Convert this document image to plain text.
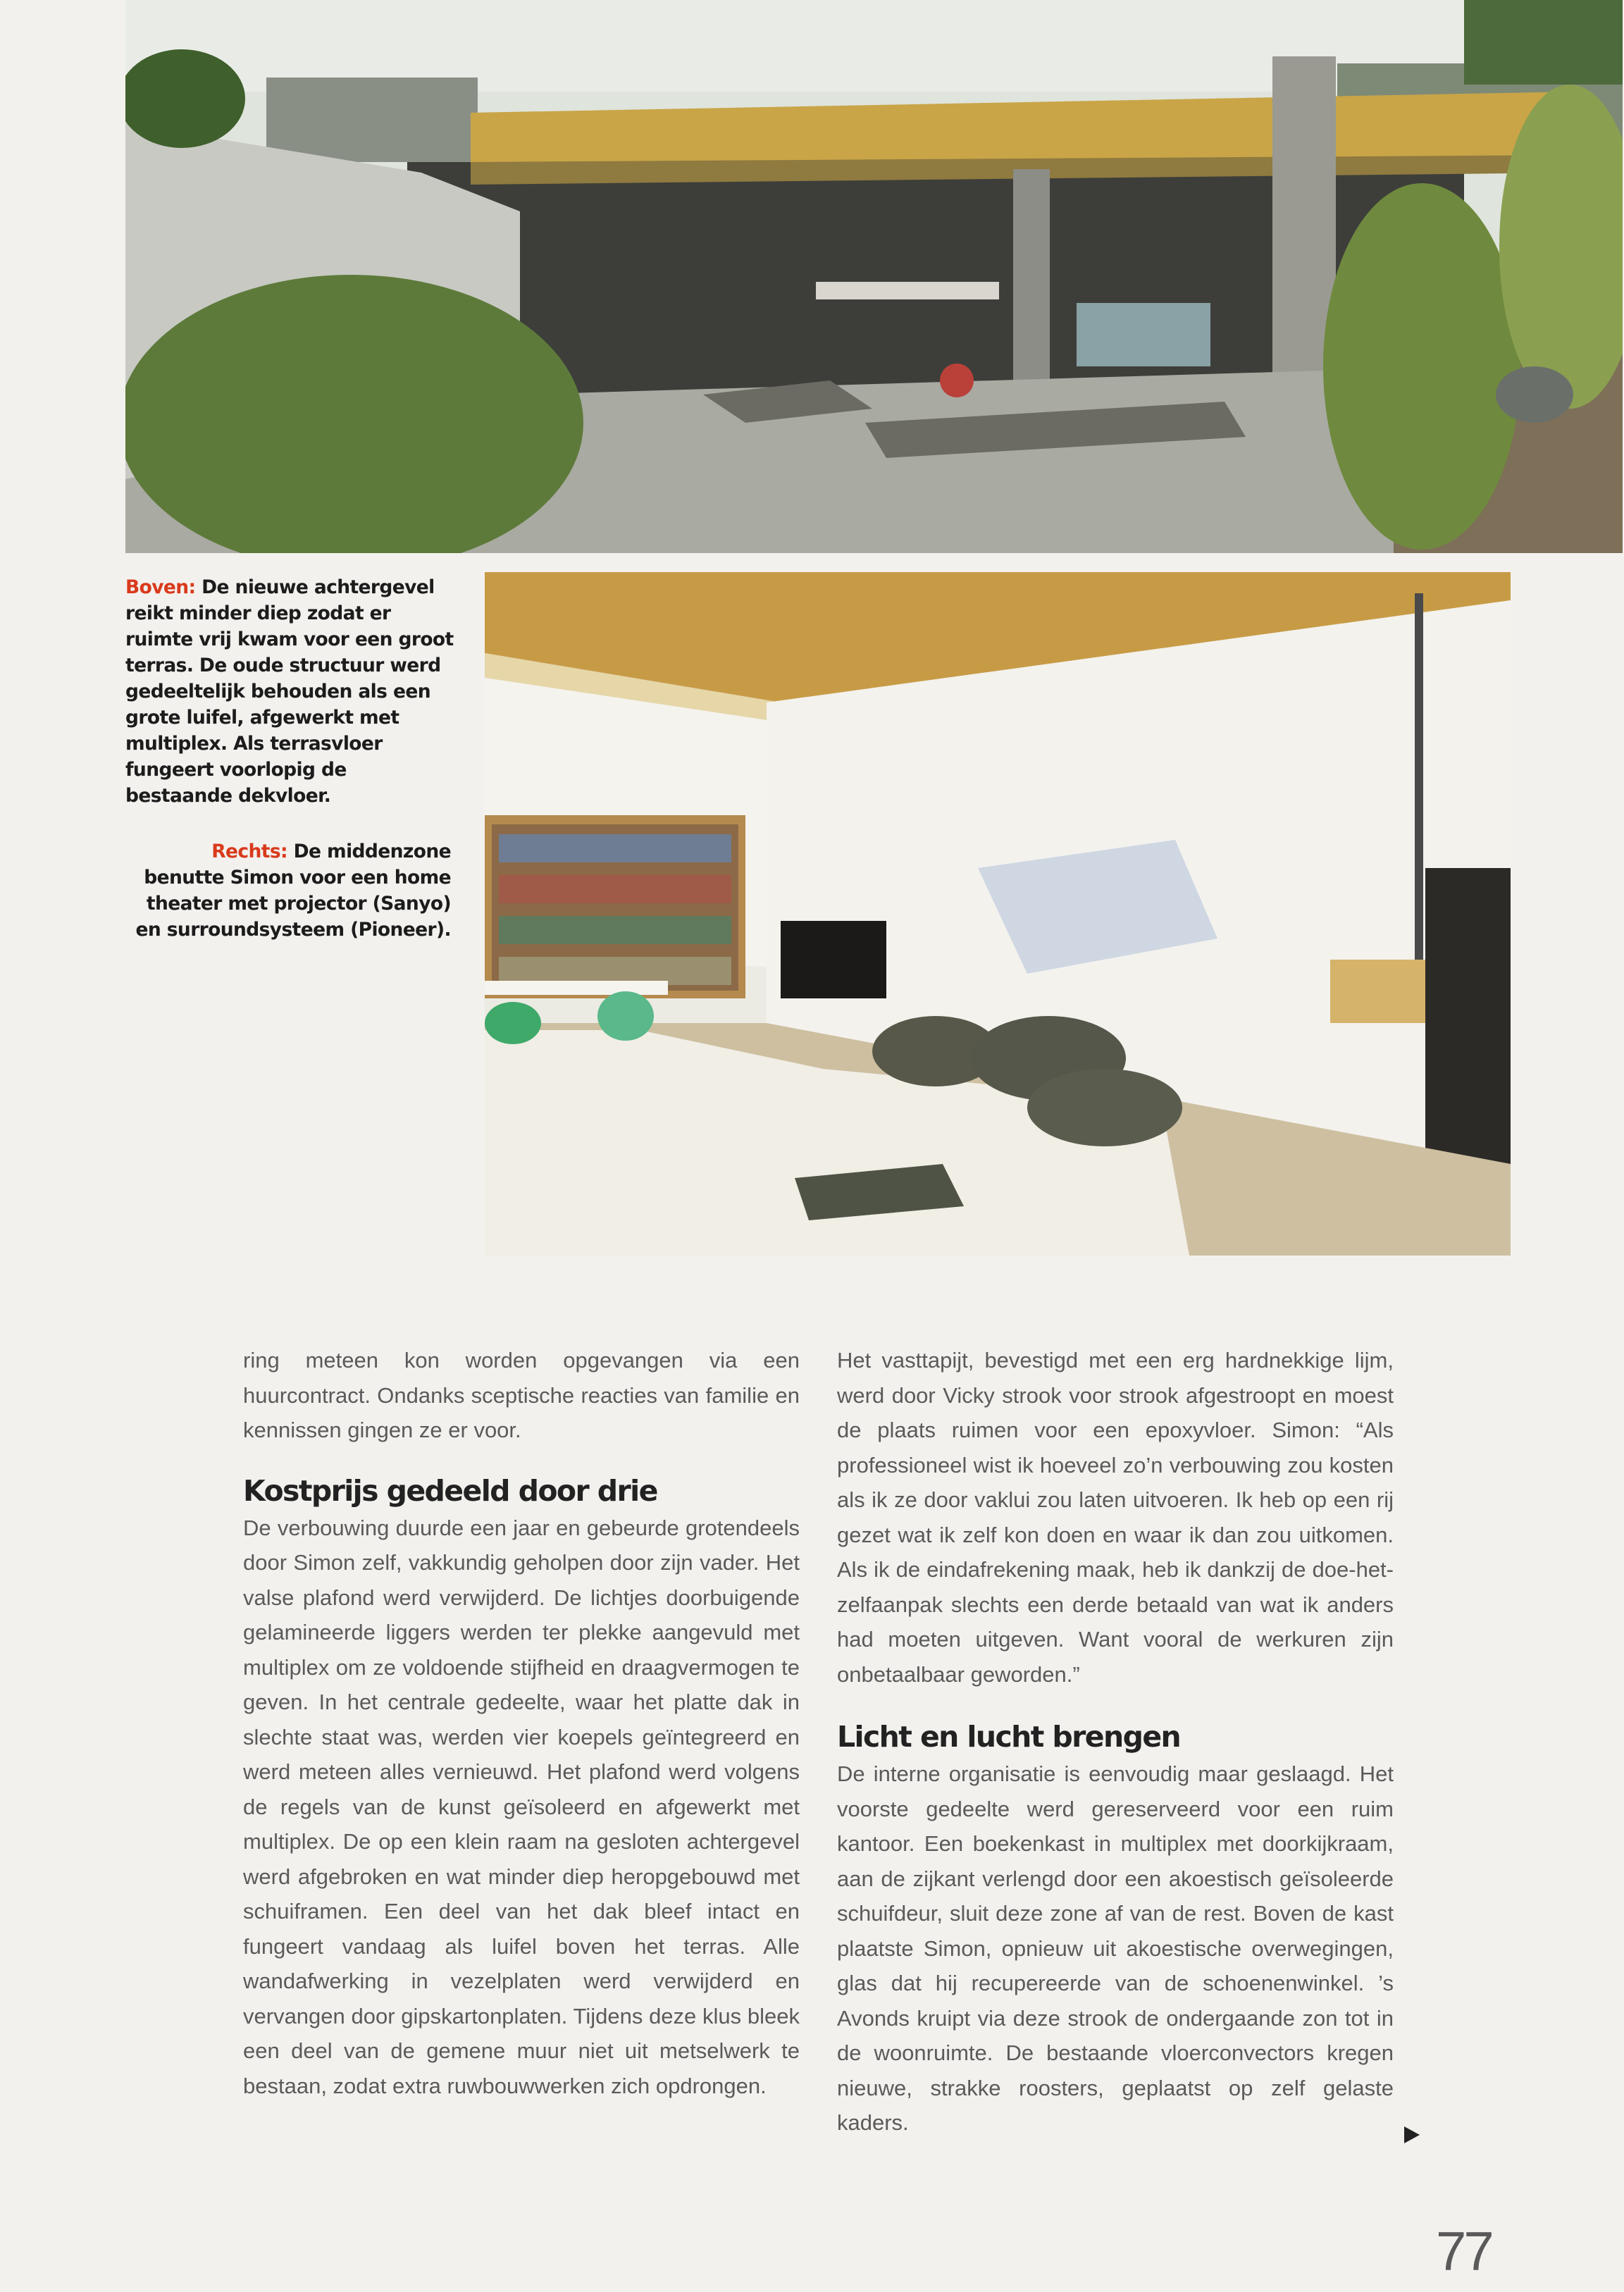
Boven: De nieuwe achtergevel reikt minder diep zodat er ruimte vrij kwam voor een groot terras. De oude structuur werd gedeeltelijk behouden als een grote luifel, afgewerkt met multiplex. Als terrasvloer fungeert voorlopig de bestaande dekvloer.

Rechts: De middenzone benutte Simon voor een home theater met projector (Sanyo) en surroundsysteem (Pioneer).

ring meteen kon worden opgevangen via een huurcontract. Ondanks sceptische reacties van familie en kennissen gingen ze er voor.

Kostprijs gedeeld door drie

De verbouwing duurde een jaar en gebeurde grotendeels door Simon zelf, vakkundig geholpen door zijn vader. Het valse plafond werd verwijderd. De lichtjes doorbuigende gelamineerde liggers werden ter plekke aangevuld met multiplex om ze voldoende stijfheid en draagvermogen te geven. In het centrale gedeelte, waar het platte dak in slechte staat was, werden vier koepels geïntegreerd en werd meteen alles vernieuwd. Het plafond werd volgens de regels van de kunst geïsoleerd en afgewerkt met multiplex. De op een klein raam na gesloten achtergevel werd afgebroken en wat minder diep heropgebouwd met schuiframen. Een deel van het dak bleef intact en fungeert vandaag als luifel boven het terras. Alle wandafwerking in vezelplaten werd verwijderd en vervangen door gipskartonplaten. Tijdens deze klus bleek een deel van de gemene muur niet uit metselwerk te bestaan, zodat extra ruwbouwwerken zich opdrongen.

Het vasttapijt, bevestigd met een erg hardnekkige lijm, werd door Vicky strook voor strook afgestroopt en moest de plaats ruimen voor een epoxyvloer. Simon: “Als professioneel wist ik hoeveel zo’n verbouwing zou kosten als ik ze door vaklui zou laten uitvoeren. Ik heb op een rij gezet wat ik zelf kon doen en waar ik dan zou uitkomen. Als ik de eindafrekening maak, heb ik dankzij de doe-het-zelfaanpak slechts een derde betaald van wat ik anders had moeten uitgeven. Want vooral de werkuren zijn onbetaalbaar geworden.”

Licht en lucht brengen

De interne organisatie is eenvoudig maar geslaagd. Het voorste gedeelte werd gereserveerd voor een ruim kantoor. Een boekenkast in multiplex met doorkijkraam, aan de zijkant verlengd door een akoestisch geïsoleerde schuifdeur, sluit deze zone af van de rest. Boven de kast plaatste Simon, opnieuw uit akoestische overwegingen, glas dat hij recupereerde van de schoenenwinkel. ’s Avonds kruipt via deze strook de ondergaande zon tot in de woonruimte. De bestaande vloerconvectors kregen nieuwe, strakke roosters, geplaatst op zelf gelaste kaders.

77
